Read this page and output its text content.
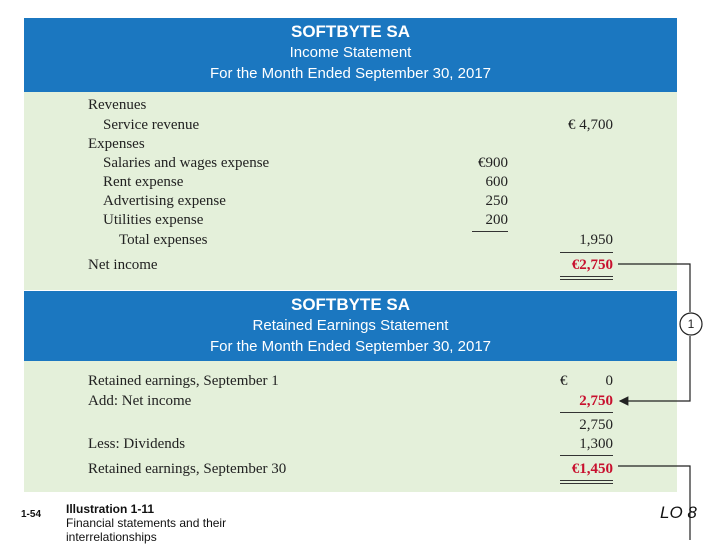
SOFTBYTE SA
Income Statement
For the Month Ended September 30, 2017
Revenues
Service revenue	€ 4,700
Expenses
Salaries and wages expense	€900
Rent expense	600
Advertising expense	250
Utilities expense	200
Total expenses	1,950
Net income	€2,750
SOFTBYTE SA
Retained Earnings Statement
For the Month Ended September 30, 2017
Retained earnings, September 1	€	0
Add: Net income	2,750
2,750
Less: Dividends	1,300
Retained earnings, September 30	€1,450
1
1-54 Illustration 1-11
Financial statements and their
interrelationships
LO 8
